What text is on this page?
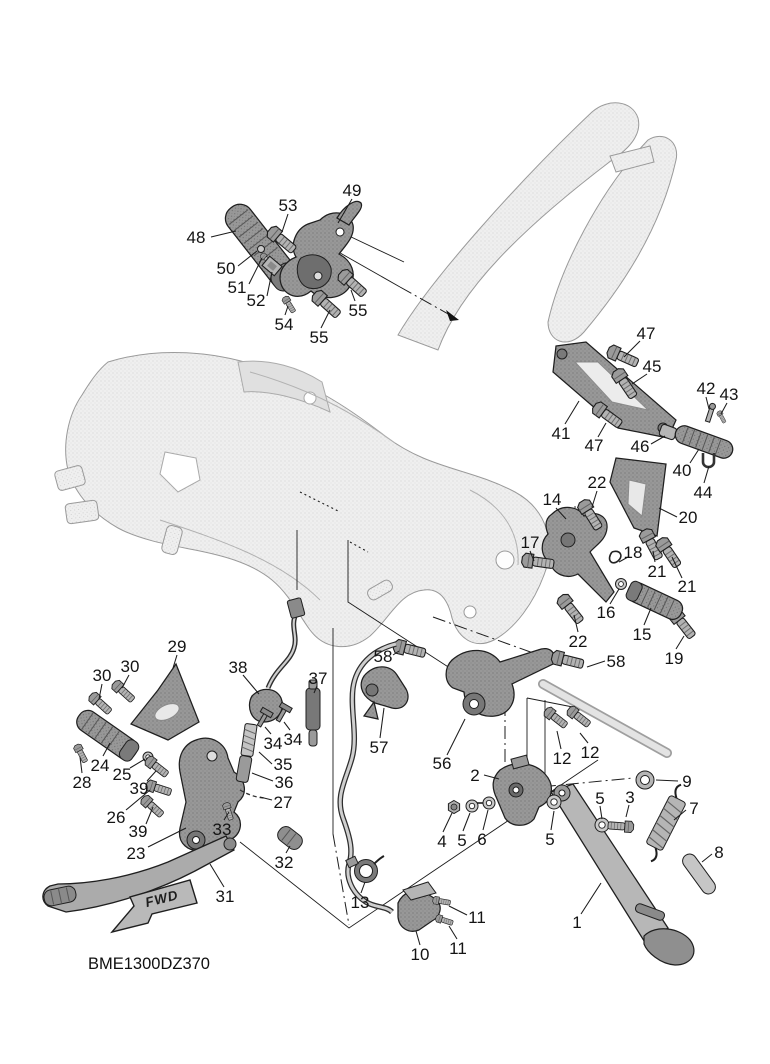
FWD
BME1300DZ370
48
53
49
50
51
52
54
55
55
47
45
42 43
41
47 46
40
44
22
14
20
17
18
21
21
16
15
19
22
58	58
29
30 30	38
37
34 34
35
36
27
24
28 25
39
26
39
23
33
32
31
57
56
13
10
11
11
12 12
2	9
5 3
7
8
4 5 6	5
1
